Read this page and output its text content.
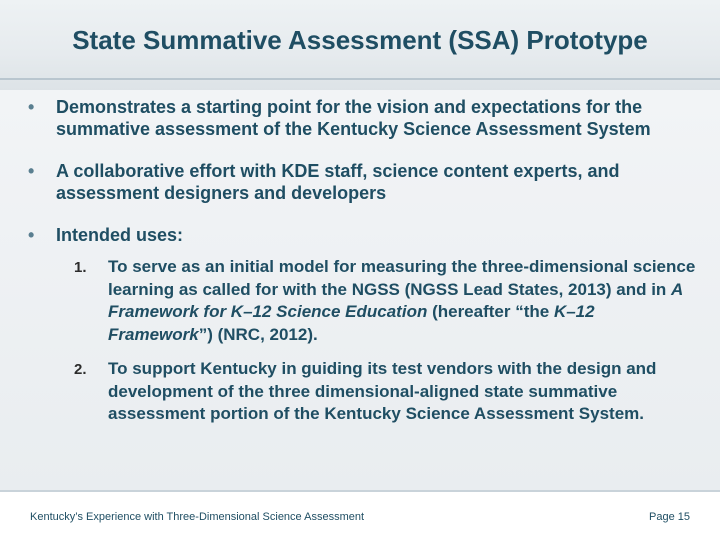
State Summative Assessment (SSA) Prototype
• Demonstrates a starting point for the vision and expectations for the summative assessment of the Kentucky Science Assessment System
• A collaborative effort with KDE staff, science content experts, and assessment designers and developers
• Intended uses:
1. To serve as an initial model for measuring the three-dimensional science learning as called for with the NGSS (NGSS Lead States, 2013) and in A Framework for K–12 Science Education (hereafter “the K–12 Framework”) (NRC, 2012).
2. To support Kentucky in guiding its test vendors with the design and development of the three dimensional-aligned state summative assessment portion of the Kentucky Science Assessment System.
Kentucky’s Experience with Three-Dimensional Science Assessment	Page 15
